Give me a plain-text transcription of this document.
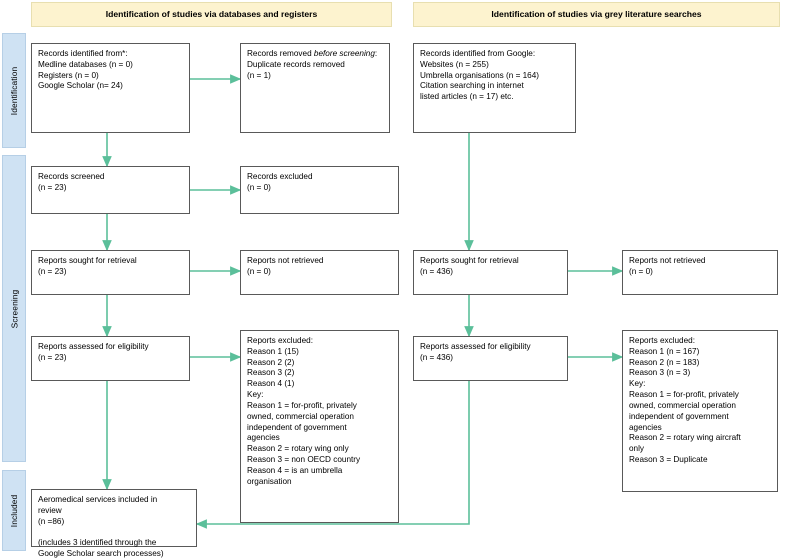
Identification of studies via databases and registers	Identification of studies via grey literature searches
Identification
Screening
Included
Records identified from*:
Medline databases (n = 0)
Registers (n = 0)
Google Scholar (n= 24)
Records removed before screening:
Duplicate records removed
(n = 1)
Records identified from Google:
Websites (n = 255)
Umbrella organisations (n = 164)
Citation searching in internet
listed articles (n = 17) etc.
Records screened
(n = 23)
Records excluded
(n = 0)
Reports sought for retrieval
(n = 23)
Reports not retrieved
(n = 0)
Reports sought for retrieval
(n = 436)
Reports not retrieved
(n = 0)
Reports assessed for eligibility
(n = 23)
Reports excluded:
Reason 1 (15)
Reason 2 (2)
Reason 3 (2)
Reason 4 (1)
Key:
Reason 1 = for-profit, privately
owned, commercial operation
independent of government
agencies
Reason 2 = rotary wing only
Reason 3 = non OECD country
Reason 4 = is an umbrella
organisation
Reports assessed for eligibility
(n = 436)
Reports excluded:
Reason 1 (n = 167)
Reason 2 (n = 183)
Reason 3 (n = 3)
Key:
Reason 1 = for-profit, privately
owned, commercial operation
independent of government
agencies
Reason 2 = rotary wing aircraft
only
Reason 3 = Duplicate
Aeromedical services included in
review
(n =86)

(includes 3 identified through the
Google Scholar search processes)
